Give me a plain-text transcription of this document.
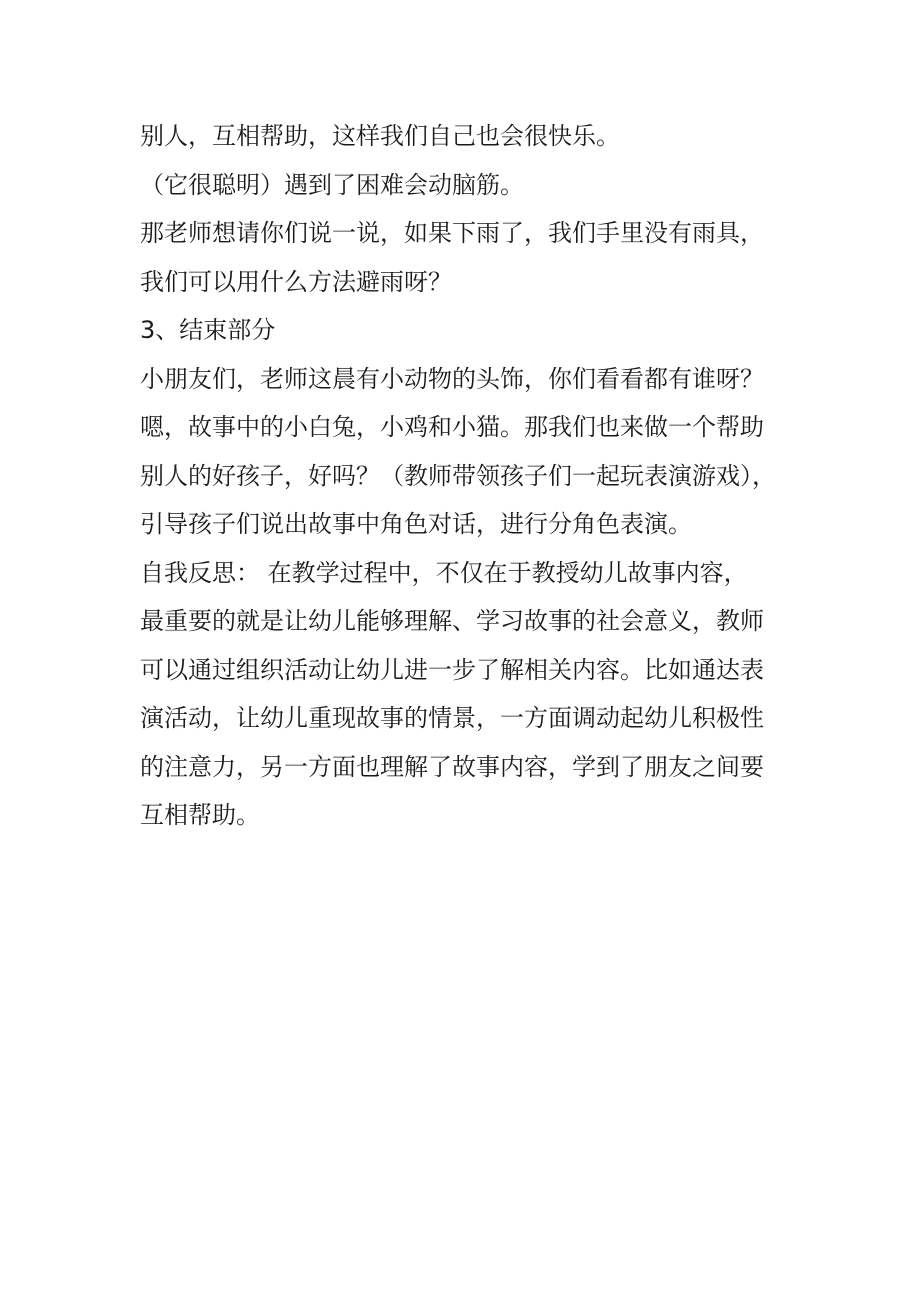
别人，互相帮助，这样我们自己也会很快乐。
（它很聪明）遇到了困难会动脑筋。
那老师想请你们说一说，如果下雨了，我们手里没有雨具，
我们可以用什么方法避雨呀？
3、结束部分
小朋友们，老师这晨有小动物的头饰，你们看看都有谁呀？
嗯，故事中的小白兔，小鸡和小猫。那我们也来做一个帮助
别人的好孩子，好吗？（教师带领孩子们一起玩表演游戏），
引导孩子们说出故事中角色对话，进行分角色表演。
自我反思： 在教学过程中，不仅在于教授幼儿故事内容，
最重要的就是让幼儿能够理解、学习故事的社会意义，教师
可以通过组织活动让幼儿进一步了解相关内容。比如通达表
演活动，让幼儿重现故事的情景，一方面调动起幼儿积极性
的注意力，另一方面也理解了故事内容，学到了朋友之间要
互相帮助。
